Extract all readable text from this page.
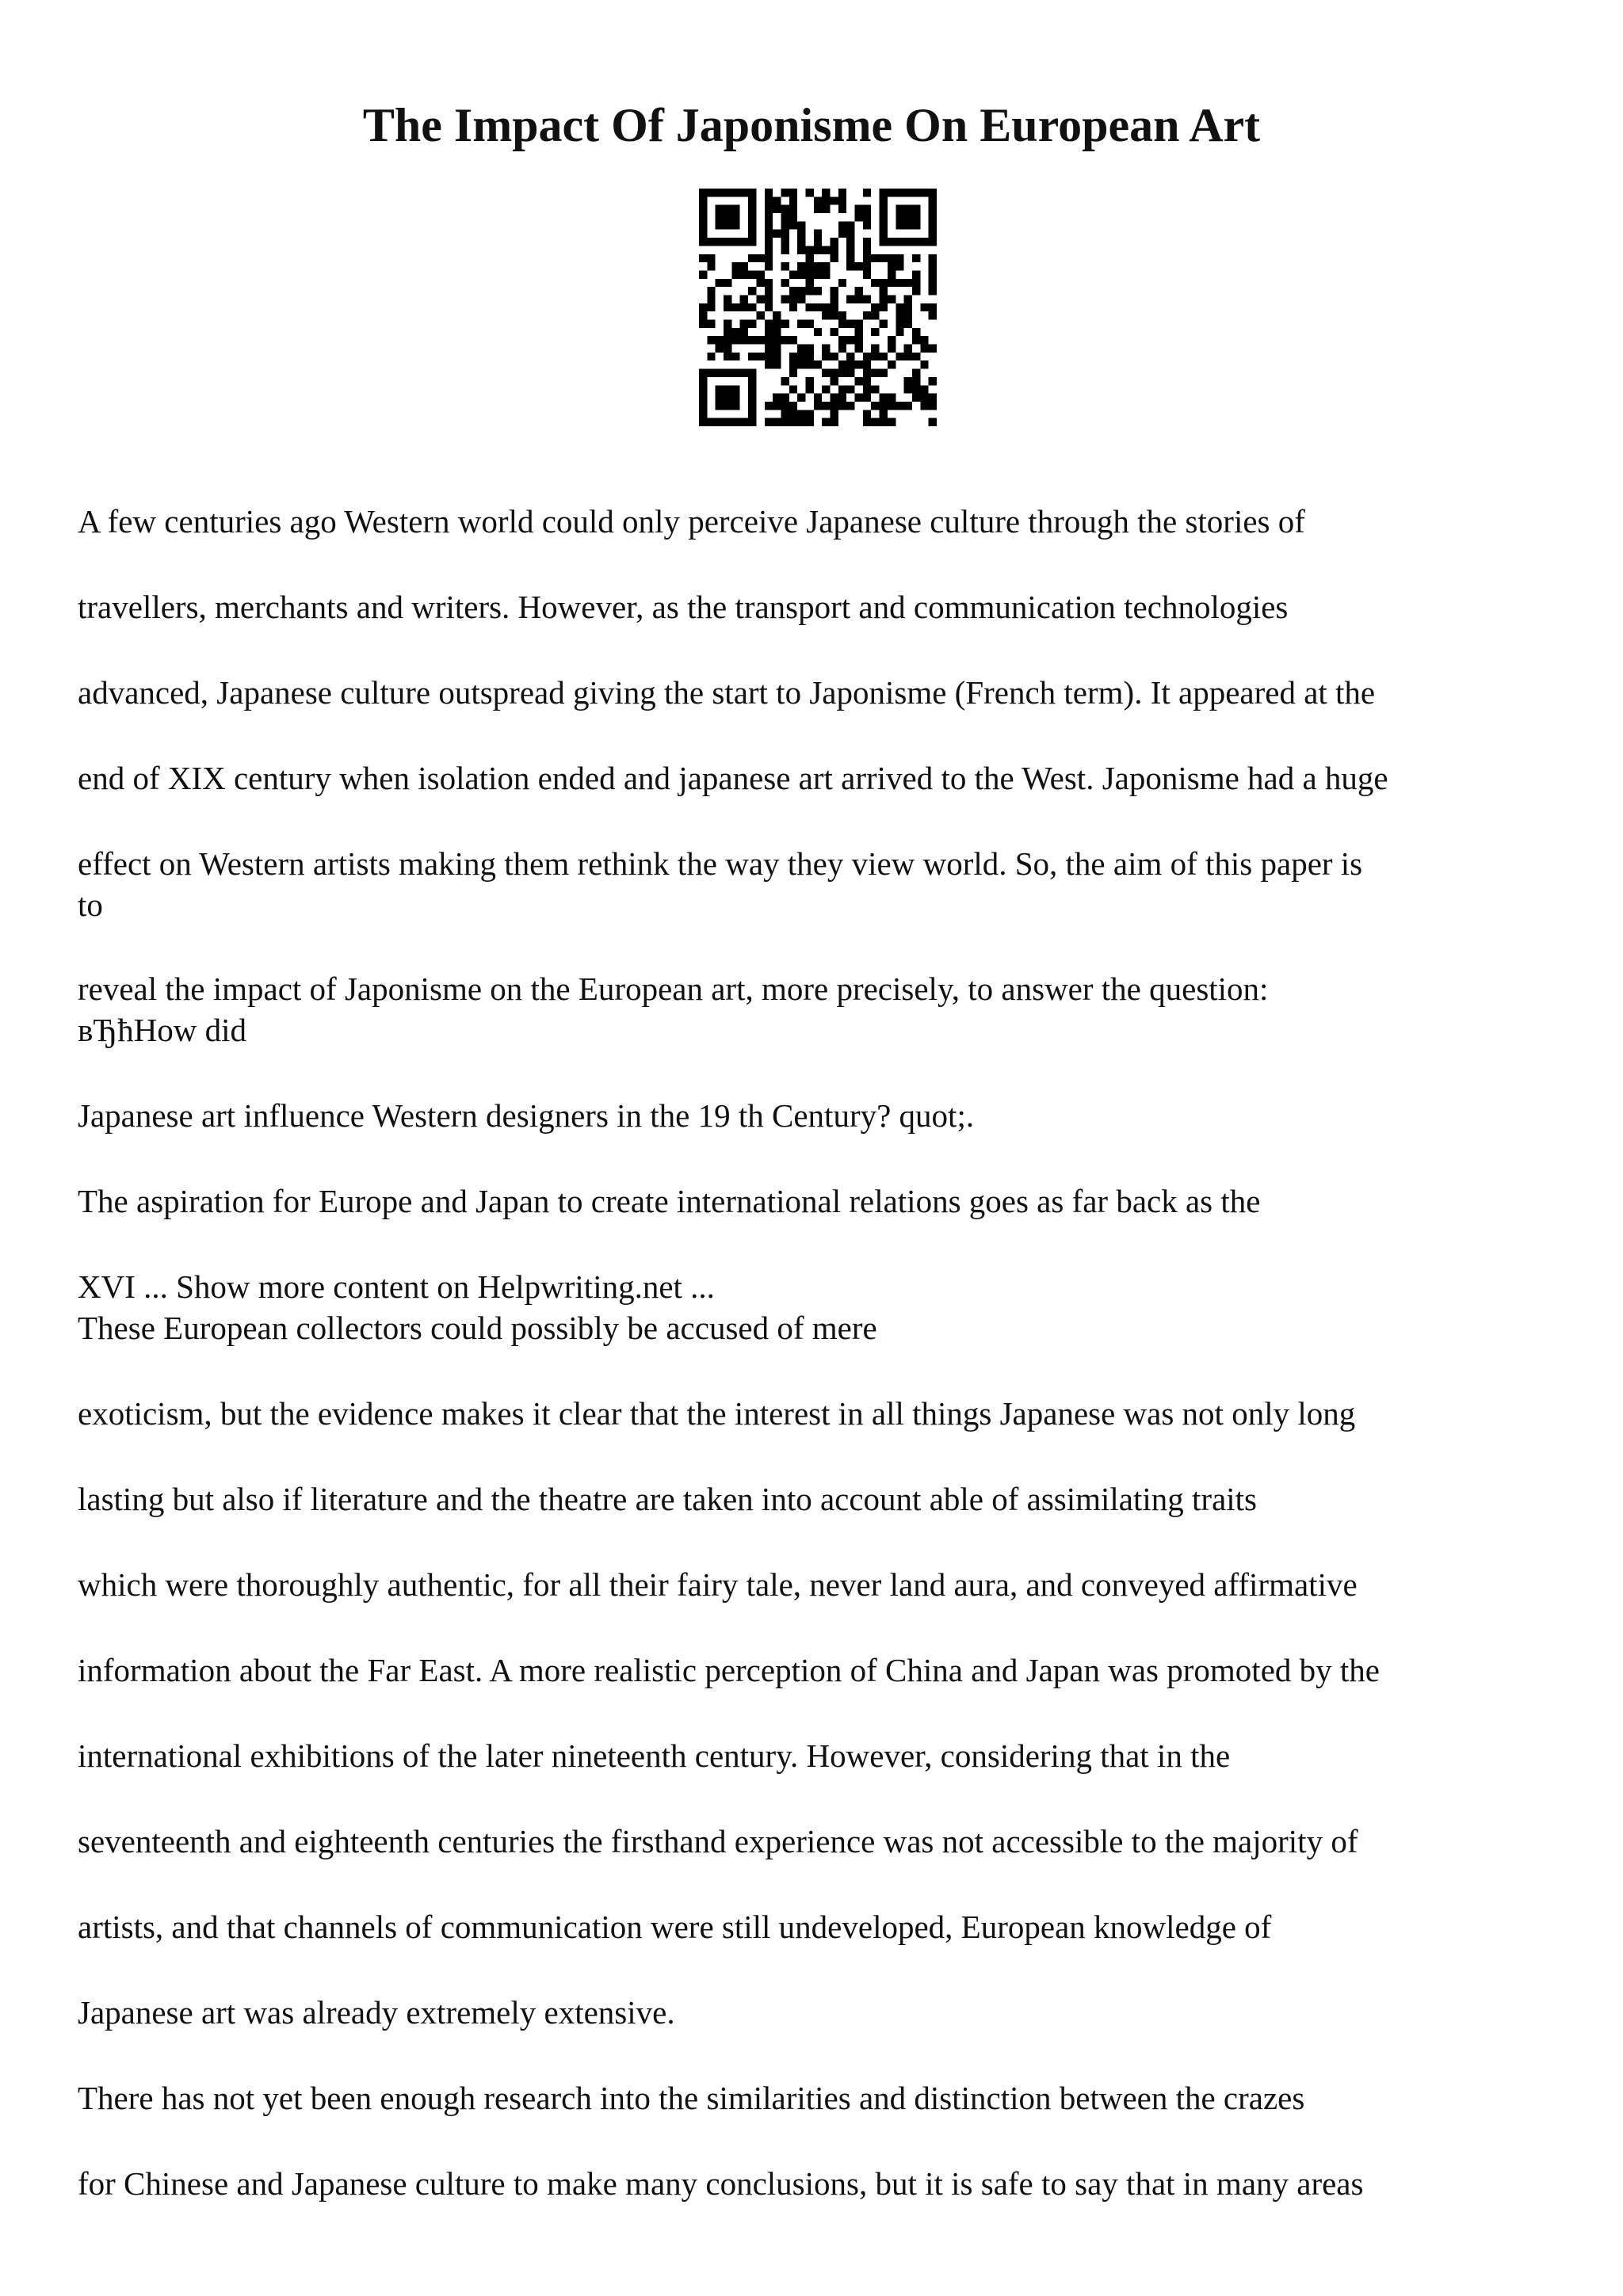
The Impact Of Japonisme On European Art

A few centuries ago Western world could only perceive Japanese culture through the stories of

travellers, merchants and writers. However, as the transport and communication technologies

advanced, Japanese culture outspread giving the start to Japonisme (French term). It appeared at the

end of XIX century when isolation ended and japanese art arrived to the West. Japonisme had a huge

effect on Western artists making them rethink the way they view world. So, the aim of this paper is

to

reveal the impact of Japonisme on the European art, more precisely, to answer the question:

вЂћHow did

Japanese art influence Western designers in the 19 th Century? quot;.

The aspiration for Europe and Japan to create international relations goes as far back as the

XVI ... Show more content on Helpwriting.net ...

These European collectors could possibly be accused of mere

exoticism, but the evidence makes it clear that the interest in all things Japanese was not only long

lasting but also if literature and the theatre are taken into account able of assimilating traits

which were thoroughly authentic, for all their fairy tale, never land aura, and conveyed affirmative

information about the Far East. A more realistic perception of China and Japan was promoted by the

international exhibitions of the later nineteenth century. However, considering that in the

seventeenth and eighteenth centuries the firsthand experience was not accessible to the majority of

artists, and that channels of communication were still undeveloped, European knowledge of

Japanese art was already extremely extensive.

There has not yet been enough research into the similarities and distinction between the crazes

for Chinese and Japanese culture to make many conclusions, but it is safe to say that in many areas
